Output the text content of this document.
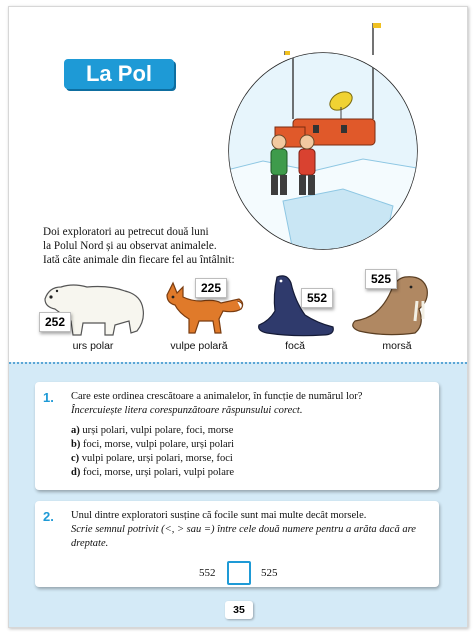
La Pol
Doi exploratori au petrecut două luni
la Polul Nord și au observat animalele.
Iată câte animale din fiecare fel au întâlnit:
252
urs polar
225
vulpe polară
552
focă
525
morsă
1. Care este ordinea crescătoare a animalelor, în funcție de numărul lor?
Încercuiește litera corespunzătoare răspunsului corect.
a) urși polari, vulpi polare, foci, morse
b) foci, morse, vulpi polare, urși polari
c) vulpi polare, urși polari, morse, foci
d) foci, morse, urși polari, vulpi polare
2. Unul dintre exploratori susține că focile sunt mai multe decât morsele.
Scrie semnul potrivit (<, > sau =) între cele două numere pentru a arăta dacă are
dreptate.
552	525
35
